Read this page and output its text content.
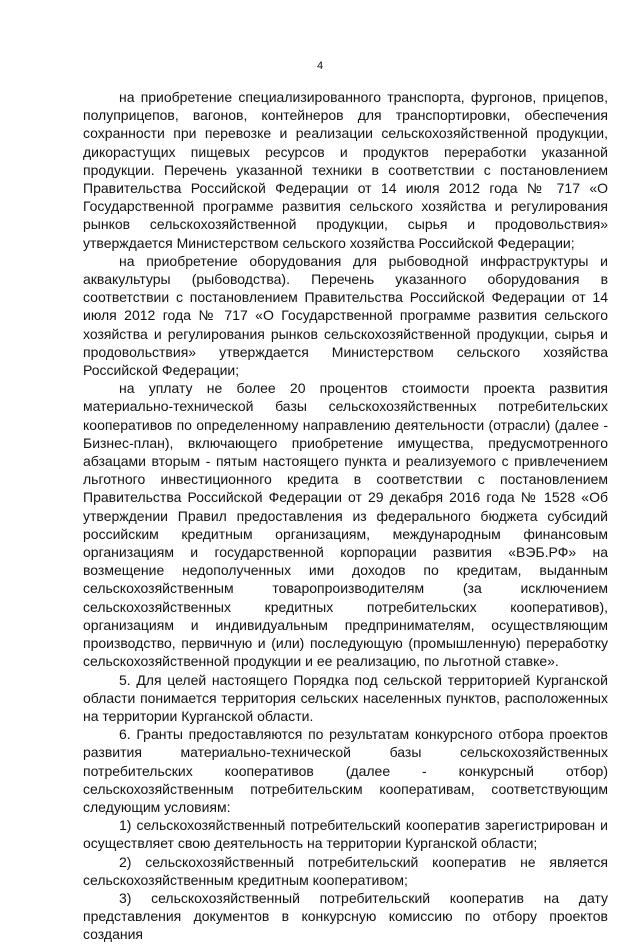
4

на приобретение специализированного транспорта, фургонов, прицепов, полуприцепов, вагонов, контейнеров для транспортировки, обеспечения сохранности при перевозке и реализации сельскохозяйственной продукции, дикорастущих пищевых ресурсов и продуктов переработки указанной продукции. Перечень указанной техники в соответствии с постановлением Правительства Российской Федерации от 14 июля 2012 года № 717 «О Государственной программе развития сельского хозяйства и регулирования рынков сельскохозяйственной продукции, сырья и продовольствия» утверждается Министерством сельского хозяйства Российской Федерации;

на приобретение оборудования для рыбоводной инфраструктуры и аквакультуры (рыбоводства). Перечень указанного оборудования в соответствии с постановлением Правительства Российской Федерации от 14 июля 2012 года № 717 «О Государственной программе развития сельского хозяйства и регулирования рынков сельскохозяйственной продукции, сырья и продовольствия» утверждается Министерством сельского хозяйства Российской Федерации;

на уплату не более 20 процентов стоимости проекта развития материально-технической базы сельскохозяйственных потребительских кооперативов по определенному направлению деятельности (отрасли) (далее - Бизнес-план), включающего приобретение имущества, предусмотренного абзацами вторым - пятым настоящего пункта и реализуемого с привлечением льготного инвестиционного кредита в соответствии с постановлением Правительства Российской Федерации от 29 декабря 2016 года № 1528 «Об утверждении Правил предоставления из федерального бюджета субсидий российским кредитным организациям, международным финансовым организациям и государственной корпорации развития «ВЭБ.РФ» на возмещение недополученных ими доходов по кредитам, выданным сельскохозяйственным товаропроизводителям (за исключением сельскохозяйственных кредитных потребительских кооперативов), организациям и индивидуальным предпринимателям, осуществляющим производство, первичную и (или) последующую (промышленную) переработку сельскохозяйственной продукции и ее реализацию, по льготной ставке».

5. Для целей настоящего Порядка под сельской территорией Курганской области понимается территория сельских населенных пунктов, расположенных на территории Курганской области.

6. Гранты предоставляются по результатам конкурсного отбора проектов развития материально-технической базы сельскохозяйственных потребительских кооперативов (далее - конкурсный отбор) сельскохозяйственным потребительским кооперативам, соответствующим следующим условиям:

1) сельскохозяйственный потребительский кооператив зарегистрирован и осуществляет свою деятельность на территории Курганской области;

2) сельскохозяйственный потребительский кооператив не является сельскохозяйственным кредитным кооперативом;

3) сельскохозяйственный потребительский кооператив на дату представления документов в конкурсную комиссию по отбору проектов создания
